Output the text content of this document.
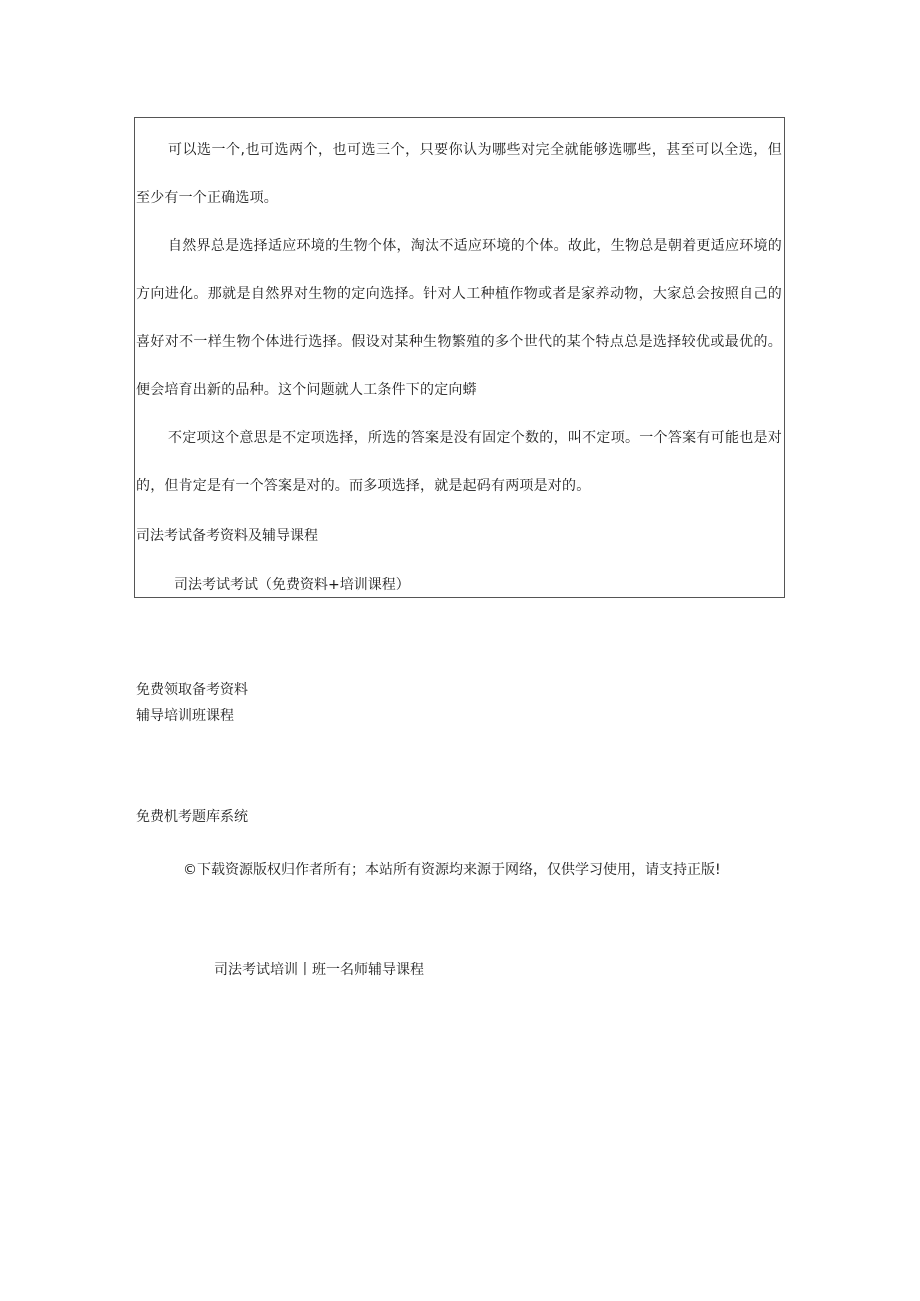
可以选一个,也可选两个，也可选三个，只要你认为哪些对完全就能够选哪些，甚至可以全选，但至少有一个正确选项。

自然界总是选择适应环境的生物个体，淘汰不适应环境的个体。故此，生物总是朝着更适应环境的方向进化。那就是自然界对生物的定向选择。针对人工种植作物或者是家养动物，大家总会按照自己的喜好对不一样生物个体进行选择。假设对某种生物繁殖的多个世代的某个特点总是选择较优或最优的。便会培育出新的品种。这个问题就人工条件下的定向蟒

不定项这个意思是不定项选择，所选的答案是没有固定个数的，叫不定项。一个答案有可能也是对的，但肯定是有一个答案是对的。而多项选择，就是起码有两项是对的。

司法考试备考资料及辅导课程

司法考试考试（免费资料+培训课程）

免费领取备考资料

辅导培训班课程

免费机考题库系统

©下载资源版权归作者所有；本站所有资源均来源于网络，仅供学习使用，请支持正版!

司法考试培训丨班一名师辅导课程
